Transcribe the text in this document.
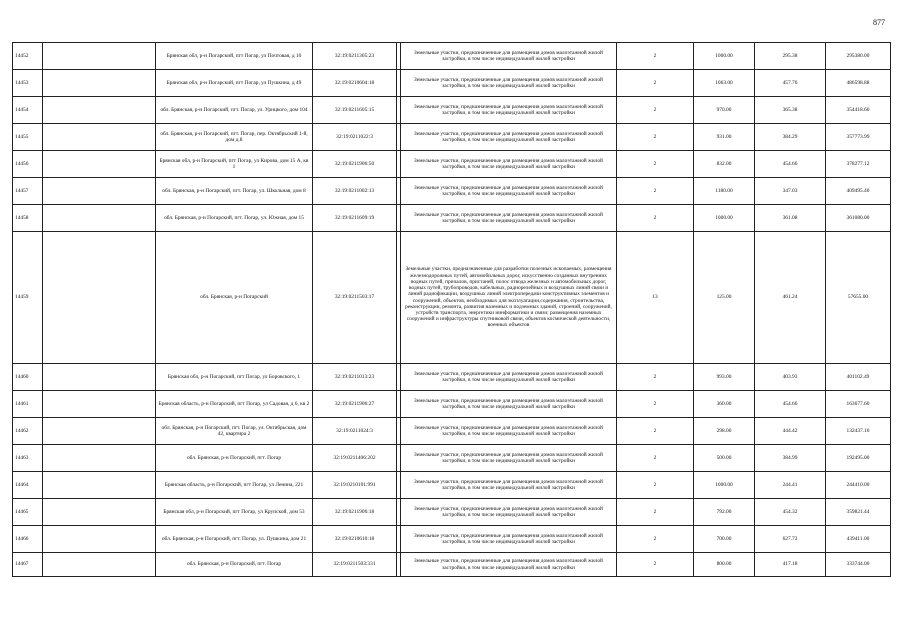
877
14452		Брянская обл, р-н Погарский, пгт Погар, ул Почтовая, д 10	32:19:0211305:23		Земельные участки, предназначенные для размещения домов малоэтажной жилой застройки, в том числе индивидуальной жилой застройки	2	1000.00	295.38	295380.00
14453		Брянская обл, р-н Погарский, пгт Погар, ул Пушкина, д 49	32:19:0210604:18		Земельные участки, предназначенные для размещения домов малоэтажной жилой застройки, в том числе индивидуальной жилой застройки	2	1063.00	457.76	486598.88
14454		обл. Брянская, р-н Погарский, пгт. Погар, ул. Урицкого, дом 104	32:19:0211605:15		Земельные участки, предназначенные для размещения домов малоэтажной жилой застройки, в том числе индивидуальной жилой застройки	2	970.00	365.38	354418.60
14455		обл. Брянская, р-н Погарский, пгт. Погар, пер. Октябрьский 1-й, дом д.8	32:19:0211022:3		Земельные участки, предназначенные для размещения домов малоэтажной жилой застройки, в том числе индивидуальной жилой застройки	2	931.00	384.29	357773.99
14456		Брянская обл, р-н Погарский, пгт Погар, ул Кирова, дом 15 А, кв 1	32:19:0211906:50		Земельные участки, предназначенные для размещения домов малоэтажной жилой застройки, в том числе индивидуальной жилой застройки	2	832.00	454.66	378277.12
14457		обл. Брянская, р-н Погарский, пгт. Погар, ул. Школьная, дом 8	32:19:0211002:13		Земельные участки, предназначенные для размещения домов малоэтажной жилой застройки, в том числе индивидуальной жилой застройки	2	1180.00	347.03	409495.40
14458		обл. Брянская, р-н Погарский, пгт. Погар, ул. Южная, дом 15	32:19:0211609:19		Земельные участки, предназначенные для размещения домов малоэтажной жилой застройки, в том числе индивидуальной жилой застройки	2	1000.00	361.08	361080.00
14459		обл. Брянская, р-н Погарский	32:19:0211503:17		Земельные участки, предназначенные для разработки полезных ископаемых, размещения железнодорожных путей, автомобильных дорог, искусственно созданных внутренних водных путей, причалов, пристаней, полос отвода железных и автомобильных дорог, водных путей, трубопроводов, кабельных, радиорелейных и воздушных линий связи и линий радиофикации, воздушных линий электропередачи конструктивных элементов и сооружений, объектов, необходимых для эксплуатации,содержания, строительства, реконструкции, ремонта, развития наземных и подземных зданий, строений, сооружений, устройств транспорта, энергетики иинформатики и связи; размещения наземных сооружений и инфраструктуры спутниковой связи, объектов космической деятельности, военных объектов	13	125.00	461.24	57655.00
14460		Брянская обл, р-н Погарский, пгт Погар, ул Боровского, 1	32:19:0211013:23		Земельные участки, предназначенные для размещения домов малоэтажной жилой застройки, в том числе индивидуальной жилой застройки	2	993.00	403.93	401102.49
14461		Брянская область, р-н Погарский, пгт Погар, ул Садовая, д 6, кв 2	32:19:0211906:27		Земельные участки, предназначенные для размещения домов малоэтажной жилой застройки, в том числе индивидуальной жилой застройки	2	360.00	454.66	163677.60
14462		обл. Брянская, р-н Погарский, пгт. Погар, ул. Октябрьская, дом 42, квартира 2	32:19:0211024:3		Земельные участки, предназначенные для размещения домов малоэтажной жилой застройки, в том числе индивидуальной жилой застройки	2	298.00	444.42	132437.16
14463		обл. Брянская, р-н Погарский, пгт. Погар	32:19:0211406:202		Земельные участки, предназначенные для размещения домов малоэтажной жилой застройки, в том числе индивидуальной жилой застройки	2	500.00	384.99	192495.00
14464		Брянская область, р-н Погарский, пгт Погар, ул Ленина, 221	32:19:0210101:991		Земельные участки, предназначенные для размещения домов малоэтажной жилой застройки, в том числе индивидуальной жилой застройки	2	1000.00	244.41	244410.00
14465		Брянская обл, р-н Погарский, пгт Погар, ул Крупской, дом 53	32:19:0211906:18		Земельные участки, предназначенные для размещения домов малоэтажной жилой застройки, в том числе индивидуальной жилой застройки	2	792.00	454.32	359821.44
14466		обл. Брянская, р-н Погарский, пгт. Погар, ул. Пушкина, дом 21	32:19:0210610:18		Земельные участки, предназначенные для размещения домов малоэтажной жилой застройки, в том числе индивидуальной жилой застройки	2	700.00	627.73	439411.00
14467		обл. Брянская, р-н Погарский, пгт. Погар	32:19:0211503:331		Земельные участки, предназначенные для размещения домов малоэтажной жилой застройки, в том числе индивидуальной жилой застройки	2	800.00	417.18	333744.00
